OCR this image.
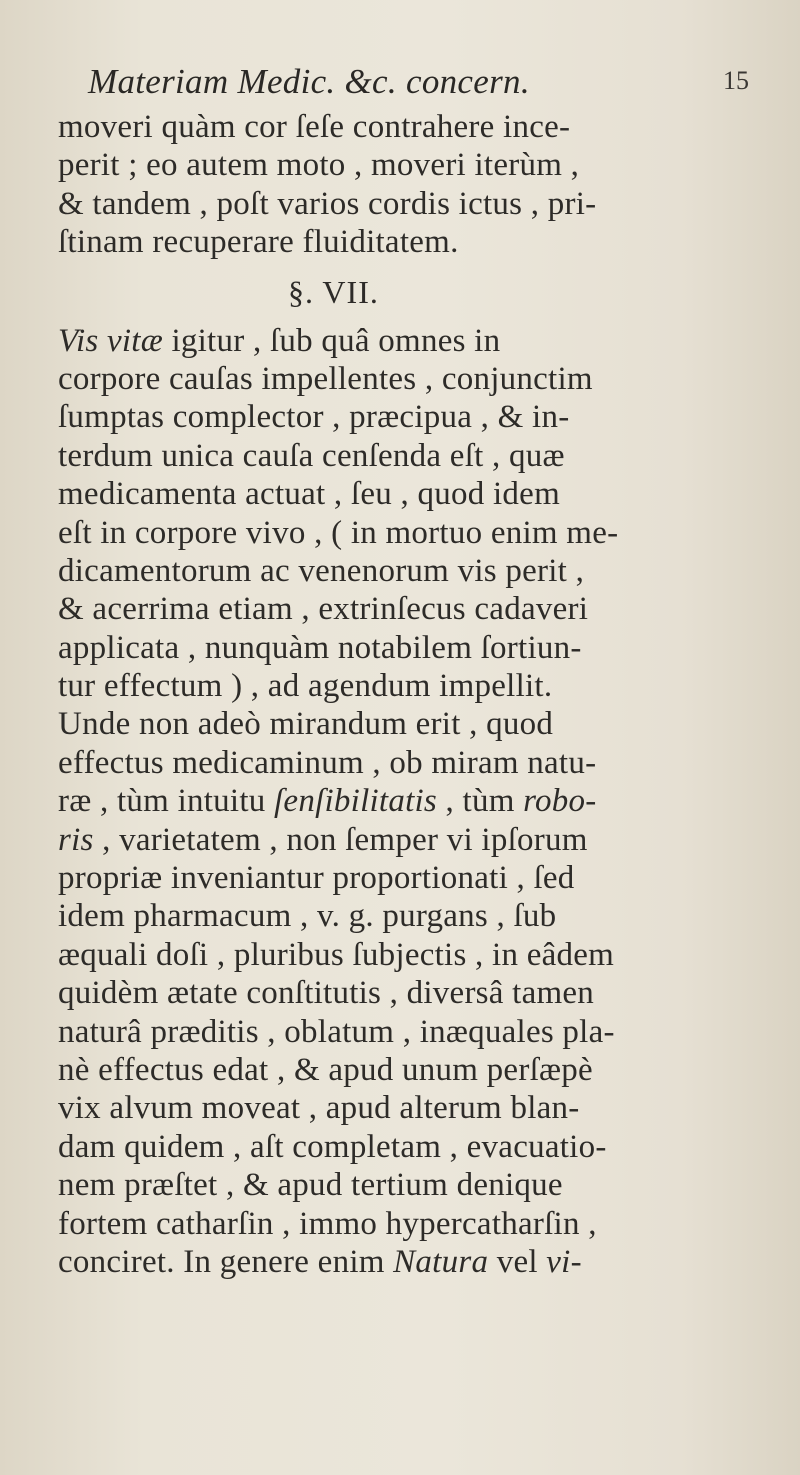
Materiam Medic. &c. concern.	15
moveri quàm cor ſeſe contrahere ince-
perit ; eo autem moto , moveri iterùm ,
& tandem , poſt varios cordis ictus , pri-
ſtinam recuperare fluiditatem.
§. VII.
Vis vitæ igitur , ſub quâ omnes in
corpore cauſas impellentes , conjunctim
ſumptas complector , præcipua , & in-
terdum unica cauſa cenſenda eſt , quæ
medicamenta actuat , ſeu , quod idem
eſt in corpore vivo , ( in mortuo enim me-
dicamentorum ac venenorum vis perit ,
& acerrima etiam , extrinſecus cadaveri
applicata , nunquàm notabilem ſortiun-
tur effectum ) , ad agendum impellit.
Unde non adeò mirandum erit , quod
effectus medicaminum , ob miram natu-
ræ , tùm intuitu ſenſibilitatis , tùm robo-
ris , varietatem , non ſemper vi ipſorum
propriæ inveniantur proportionati , ſed
idem pharmacum , v. g. purgans , ſub
æquali doſi , pluribus ſubjectis , in eâdem
quidèm ætate conſtitutis , diversâ tamen
naturâ præditis , oblatum , inæquales pla-
nè effectus edat , & apud unum perſæpè
vix alvum moveat , apud alterum blan-
dam quidem , aſt completam , evacuatio-
nem præſtet , & apud tertium denique
fortem catharſin , immo hypercatharſin ,
conciret. In genere enim Natura vel vi-
